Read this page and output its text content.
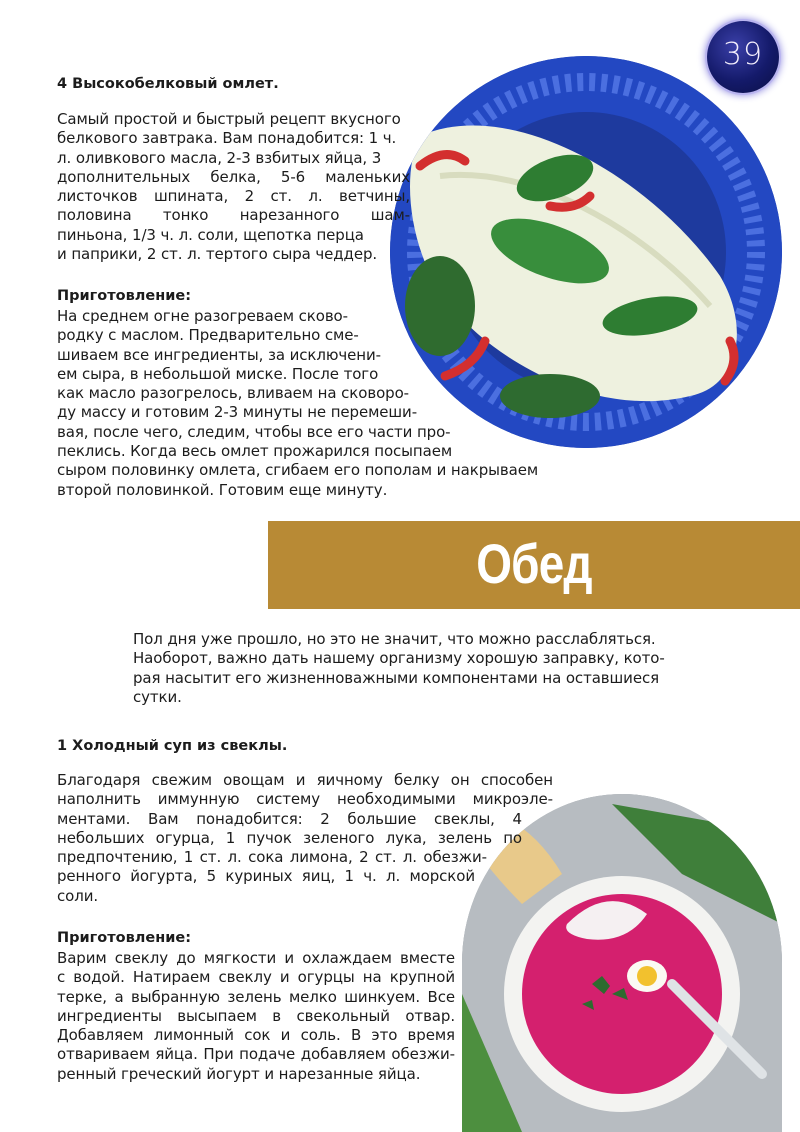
39
4 Высокобелковый омлет.
Самый простой и быстрый рецепт вкусного
белкового завтрака. Вам понадобится: 1 ч.
л. оливкового масла, 2-3 взбитых яйца, 3
дополнительных белка, 5-6 маленьких
листочков шпината, 2 ст. л. ветчины,
половина тонко нарезанного шам-
пиньона, 1/3 ч. л. соли, щепотка перца
и паприки, 2 ст. л. тертого сыра чеддер.
Приготовление:
На среднем огне разогреваем сково-
родку с маслом. Предварительно сме-
шиваем все ингредиенты, за исключени-
ем сыра, в небольшой миске. После того
как масло разогрелось, вливаем на сковоро-
ду массу и готовим 2-3 минуты не перемеши-
вая, после чего, следим, чтобы все его части про-
пеклись. Когда весь омлет прожарился посыпаем
сыром половинку омлета, сгибаем его пополам и накрываем
второй половинкой. Готовим еще минуту.
Обед
Пол дня уже прошло, но это не значит, что можно расслабляться.
Наоборот, важно дать нашему организму хорошую заправку, кото-
рая насытит его жизненноважными компонентами на оставшиеся
сутки.
1 Холодный суп из свеклы.
Благодаря свежим овощам и яичному белку он способен
наполнить иммунную систему необходимыми микроэле-
ментами. Вам понадобится: 2 большие свеклы, 4
небольших огурца, 1 пучок зеленого лука, зелень по
предпочтению, 1 ст. л. сока лимона, 2 ст. л. обезжи-
ренного йогурта, 5 куриных яиц, 1 ч. л. морской
соли.
Приготовление:
Варим свеклу до мягкости и охлаждаем вместе
с водой. Натираем свеклу и огурцы на крупной
терке, а выбранную зелень мелко шинкуем. Все
ингредиенты высыпаем в свекольный отвар.
Добавляем лимонный сок и соль. В это время
отвариваем яйца. При подаче добавляем обезжи-
ренный греческий йогурт и нарезанные яйца.
